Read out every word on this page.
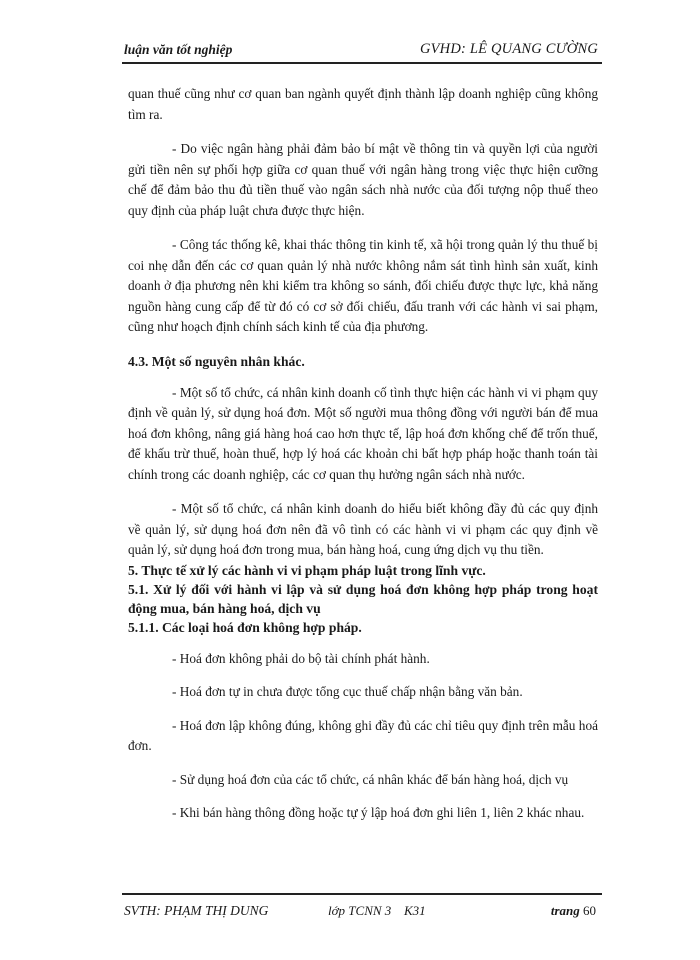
luận văn tốt nghiệp	GVHD: LÊ QUANG CƯỜNG

quan thuế cũng như cơ quan ban ngành quyết định thành lập doanh nghiệp cũng không tìm ra.

- Do việc ngân hàng phải đảm bảo bí mật về thông tin và quyền lợi của người gửi tiền nên sự phối hợp giữa cơ quan thuế với ngân hàng trong việc thực hiện cưỡng chế để đảm bảo thu đủ tiền thuế vào ngân sách nhà nước của đối tượng nộp thuế theo quy định của pháp luật chưa được thực hiện.

- Công tác thống kê, khai thác thông tin kinh tế, xã hội trong quản lý thu thuế bị coi nhẹ dẫn đến các cơ quan quản lý nhà nước không nắm sát tình hình sản xuất, kinh doanh ở địa phương nên khi kiểm tra không so sánh, đối chiếu được thực lực, khả năng nguồn hàng cung cấp để từ đó có cơ sở đối chiếu, đấu tranh với các hành vi sai phạm, cũng như hoạch định chính sách kinh tế của địa phương.

4.3. Một số nguyên nhân khác.

- Một số tổ chức, cá nhân kinh doanh cố tình thực hiện các hành vi vi phạm quy định về quản lý, sử dụng hoá đơn. Một số người mua thông đồng với người bán để mua hoá đơn không, nâng giá hàng hoá cao hơn thực tế, lập hoá đơn khống chế để trốn thuế, để khấu trừ thuế, hoàn thuế, hợp lý hoá các khoản chi bất hợp pháp hoặc thanh toán tài chính trong các doanh nghiệp, các cơ quan thụ hưởng ngân sách nhà nước.

- Một số tổ chức, cá nhân kinh doanh do hiểu biết không đầy đủ các quy định về quản lý, sử dụng hoá đơn nên đã vô tình có các hành vi vi phạm các quy định về quản lý, sử dụng hoá đơn trong mua, bán hàng hoá, cung ứng dịch vụ thu tiền.

5. Thực tế xử lý các hành vi vi phạm pháp luật trong lĩnh vực.

5.1. Xử lý đối với hành vi lập và sử dụng hoá đơn không hợp pháp trong hoạt động mua, bán hàng hoá, dịch vụ

5.1.1. Các loại hoá đơn không hợp pháp.

- Hoá đơn không phải do bộ tài chính phát hành.

- Hoá đơn tự in chưa được tổng cục thuế chấp nhận bằng văn bản.

- Hoá đơn lập không đúng, không ghi đầy đủ các chỉ tiêu quy định trên mẫu hoá đơn.

- Sử dụng hoá đơn của các tổ chức, cá nhân khác để bán hàng hoá, dịch vụ

- Khi bán hàng thông đồng hoặc tự ý lập hoá đơn ghi liên 1, liên 2 khác nhau.

SVTH: PHẠM THỊ DUNG	lớp TCNN 3 K31	trang 60
